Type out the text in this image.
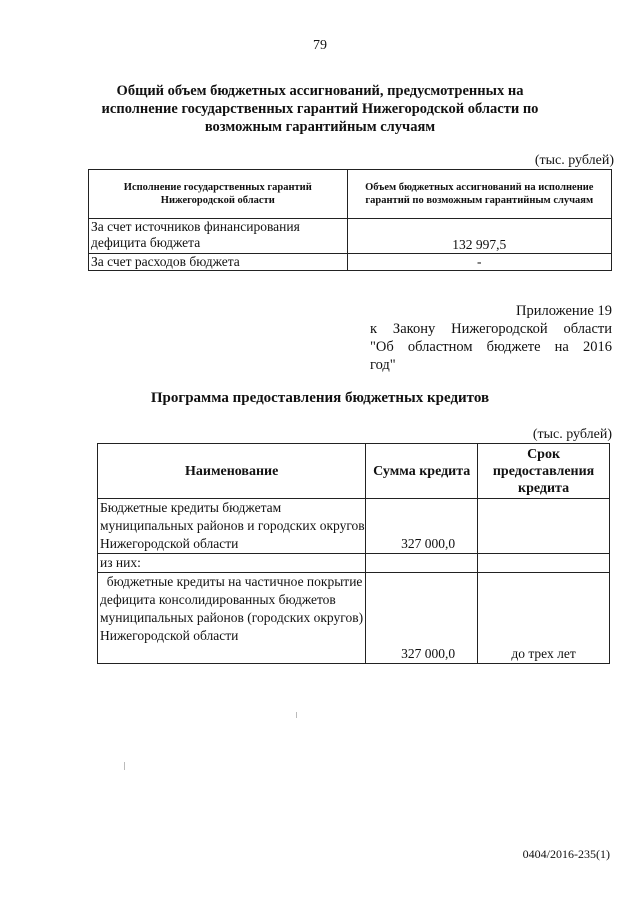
79
Общий объем бюджетных ассигнований, предусмотренных на исполнение государственных гарантий Нижегородской области по возможным гарантийным случаям
(тыс. рублей)
Исполнение государственных гарантий Нижегородской области	Объем бюджетных ассигнований на исполнение гарантий по возможным гарантийным случаям
За счет источников финансирования дефицита бюджета	132 997,5
За счет расходов бюджета	-
Приложение 19
к Закону Нижегородской области
"Об областном бюджете на 2016
год"
Программа предоставления бюджетных кредитов
(тыс. рублей)
Наименование	Сумма кредита	Срок предоставления кредита
Бюджетные кредиты бюджетам муниципальных районов и городских округов Нижегородской области	327 000,0	
из них:		
бюджетные кредиты на частичное покрытие дефицита консолидированных бюджетов муниципальных районов (городских округов) Нижегородской области	327 000,0	до трех лет
0404/2016-235(1)
